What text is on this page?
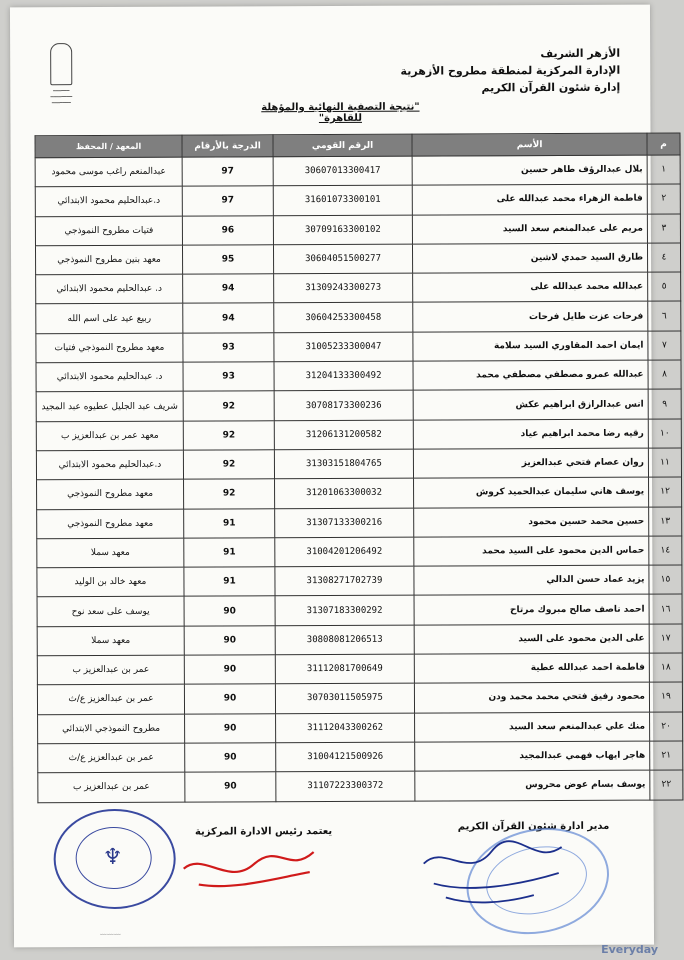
━━━━━━
━━━━━━━━
━━━━━━━
الأزهر الشريف
الإدارة المركزية لمنطقة مطروح الأزهرية
إدارة شئون القرآن الكريم
"نتيجة التصفية النهائية والمؤهلة للقاهرة"
م	الأسم	الرقم القومي	الدرجة بالأرقام	المعهد / المحفظ
١	بلال عبدالرؤف طاهر حسين	30607013300417	97	عبدالمنعم راغب موسى محمود
٢	فاطمة الزهراء محمد عبدالله على	31601073300101	97	د.عبدالحليم محمود الابتدائي
٣	مريم على عبدالمنعم سعد السيد	30709163300102	96	فتيات مطروح النموذجي
٤	طارق السيد حمدي لاشين	30604051500277	95	معهد بنين مطروح النموذجي
٥	عبدالله محمد عبدالله على	31309243300273	94	د. عبدالحليم محمود الابتدائي
٦	فرحات عزت طايل فرحات	30604253300458	94	ربيع عيد على اسم الله
٧	ايمان احمد المقاوري السيد سلامة	31005233300047	93	معهد مطروح النموذجي فتيات
٨	عبدالله عمرو مصطفي مصطفي محمد	31204133300492	93	د. عبدالحليم محمود الابتدائي
٩	انس عبدالرازق ابراهيم عكش	30708173300236	92	شريف عبد الجليل عطيوه عبد المجيد
١٠	رقيه رضا محمد ابراهيم عياد	31206131200582	92	معهد عمر بن عبدالعزيز ب
١١	روان عصام فتحي عبدالعزيز	31303151804765	92	د.عبدالحليم محمود الابتدائي
١٢	يوسف هاني سليمان عبدالحميد كروش	31201063300032	92	معهد مطروح النموذجي
١٣	حسين محمد حسين محمود	31307133300216	91	معهد مطروح النموذجي
١٤	حماس الدين محمود على السيد محمد	31004201206492	91	معهد سملا
١٥	يزيد عماد حسن الدالي	31308271702739	91	معهد خالد بن الوليد
١٦	احمد ناصف صالح مبروك مرتاح	31307183300292	90	يوسف على سعد نوح
١٧	على الدين محمود على السيد	30808081206513	90	معهد سملا
١٨	فاطمة احمد عبدالله عطية	31112081700649	90	عمر بن عبدالعزيز ب
١٩	محمود رفيق فتحي محمد محمد ودن	30703011505975	90	عمر بن عبدالعزيز ع/ث
٢٠	منك علي عبدالمنعم سعد السيد	31112043300262	90	مطروح النموذجي الابتدائي
٢١	هاجر ايهاب فهمي عبدالمجيد	31004121500926	90	عمر بن عبدالعزيز ع/ث
٢٢	يوسف بسام عوض محروس	31107223300372	90	عمر بن عبدالعزيز ب
♆
يعتمد رئيس الادارة المركزية	مدير ادارة شئون القرآن الكريم
﹏﹏﹏
Everyday
